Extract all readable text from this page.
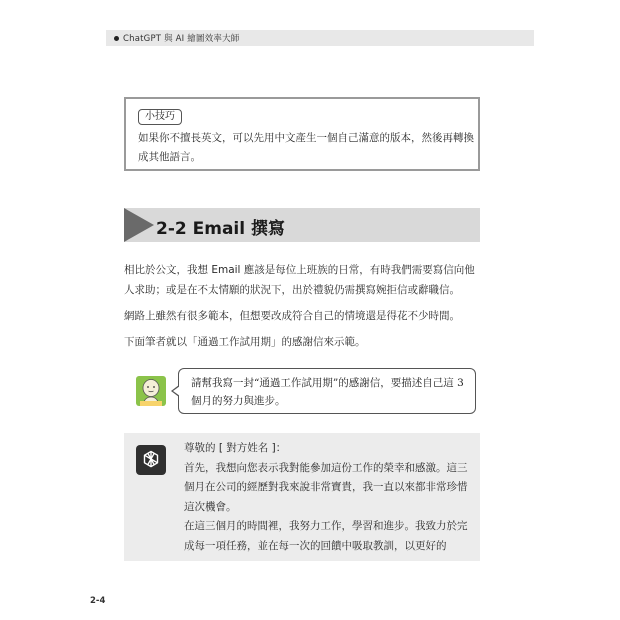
ChatGPT 與 AI 繪圖效率大師
小技巧
如果你不擅長英文，可以先用中文產生一個自己滿意的版本，然後再轉換成其他語言。
2-2 Email 撰寫

相比於公文，我想 Email 應該是每位上班族的日常，有時我們需要寫信向他人求助；或是在不太情願的狀況下，出於禮貌仍需撰寫婉拒信或辭職信。

網路上雖然有很多範本，但想要改成符合自己的情境還是得花不少時間。

下面筆者就以「通過工作試用期」的感謝信來示範。

請幫我寫一封“通過工作試用期”的感謝信，要描述自己這 3 個月的努力與進步。
尊敬的 [ 對方姓名 ]：
首先，我想向您表示我對能參加這份工作的榮幸和感激。這三個月在公司的經歷對我來說非常寶貴，我一直以來都非常珍惜這次機會。
在這三個月的時間裡，我努力工作，學習和進步。我致力於完成每一項任務，並在每一次的回饋中吸取教訓，以更好的
2-4
